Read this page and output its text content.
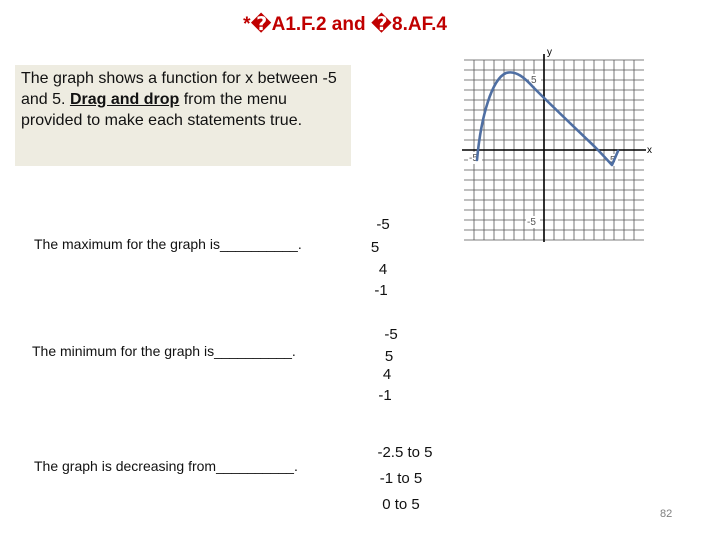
*�A1.F.2 and �8.AF.4
The graph shows a function for x between -5 and 5. Drag and drop from the menu provided to make each statements true.
x
y
-5	5
5
-5
The maximum for the graph is__________.
The minimum for the graph is__________.
The graph is decreasing from__________.
-5
5
4
-1
-5
5
4
-1
-2.5 to 5
-1 to 5
0 to 5
82
